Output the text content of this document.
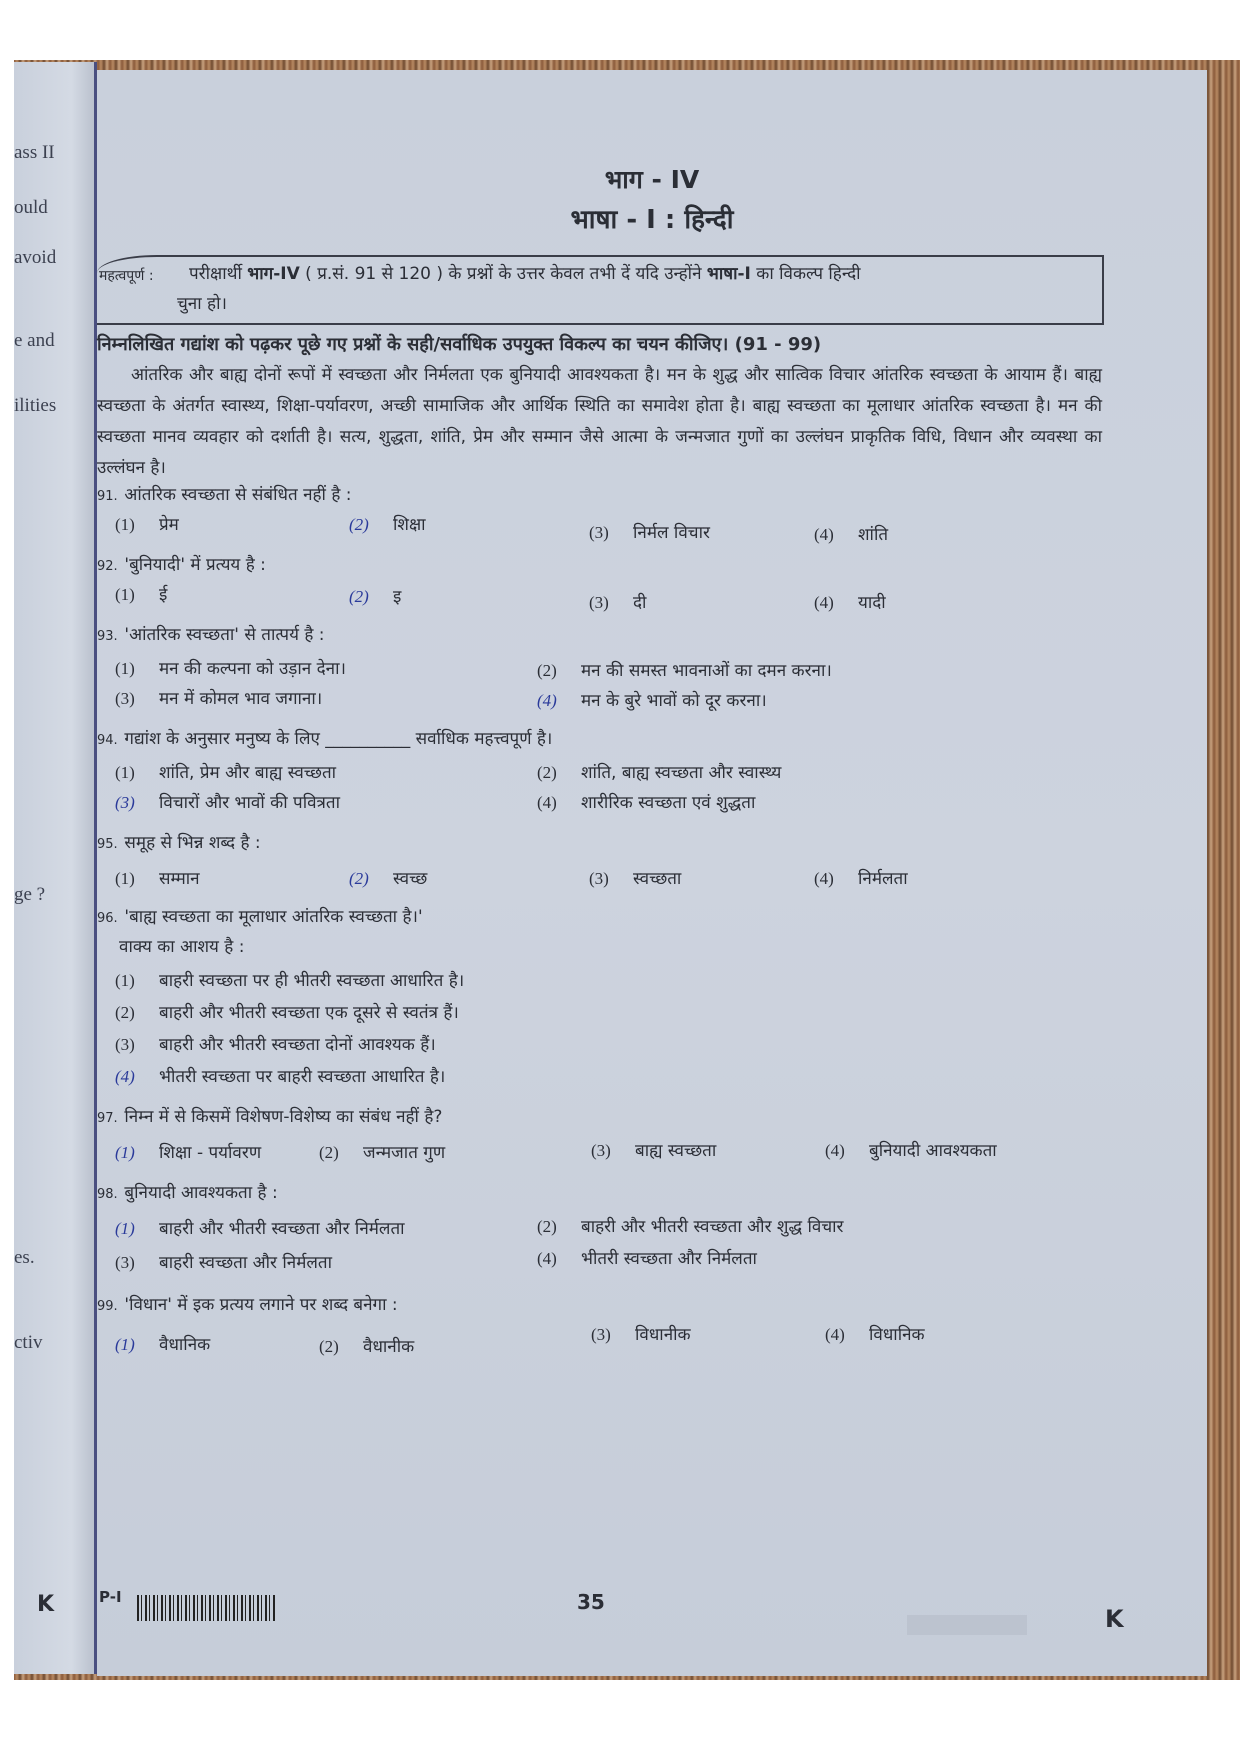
ass II
ould
avoid
e and
ilities
ge ?
es.
ctiv
भाग - IV
भाषा - I : हिन्दी
महत्वपूर्ण : परीक्षार्थी भाग-IV ( प्र.सं. 91 से 120 ) के प्रश्नों के उत्तर केवल तभी दें यदि उन्होंने भाषा-I का विकल्प हिन्दी
चुना हो।
निम्नलिखित गद्यांश को पढ़कर पूछे गए प्रश्नों के सही/सर्वाधिक उपयुक्त विकल्प का चयन कीजिए। (91 - 99)

आंतरिक और बाह्य दोनों रूपों में स्वच्छता और निर्मलता एक बुनियादी आवश्यकता है। मन के शुद्ध और सात्विक विचार आंतरिक स्वच्छता के आयाम हैं। बाह्य स्वच्छता के अंतर्गत स्वास्थ्य, शिक्षा-पर्यावरण, अच्छी सामाजिक और आर्थिक स्थिति का समावेश होता है। बाह्य स्वच्छता का मूलाधार आंतरिक स्वच्छता है। मन की स्वच्छता मानव व्यवहार को दर्शाती है। सत्य, शुद्धता, शांति, प्रेम और सम्मान जैसे आत्मा के जन्मजात गुणों का उल्लंघन प्राकृतिक विधि, विधान और व्यवस्था का उल्लंघन है।

91. आंतरिक स्वच्छता से संबंधित नहीं है :
(1) प्रेम	(2) शिक्षा	(3) निर्मल विचार	(4) शांति
92. 'बुनियादी' में प्रत्यय है :
(1) ई	(2) इ	(3) दी	(4) यादी
93. 'आंतरिक स्वच्छता' से तात्पर्य है :
(1) मन की कल्पना को उड़ान देना।	(2) मन की समस्त भावनाओं का दमन करना।
(3) मन में कोमल भाव जगाना।	(4) मन के बुरे भावों को दूर करना।
94. गद्यांश के अनुसार मनुष्य के लिए __________ सर्वाधिक महत्त्वपूर्ण है।
(1) शांति, प्रेम और बाह्य स्वच्छता	(2) शांति, बाह्य स्वच्छता और स्वास्थ्य
(3) विचारों और भावों की पवित्रता	(4) शारीरिक स्वच्छता एवं शुद्धता
95. समूह से भिन्न शब्द है :
(1) सम्मान	(2) स्वच्छ	(3) स्वच्छता	(4) निर्मलता
96. 'बाह्य स्वच्छता का मूलाधार आंतरिक स्वच्छता है।'
वाक्य का आशय है :
(1) बाहरी स्वच्छता पर ही भीतरी स्वच्छता आधारित है।
(2) बाहरी और भीतरी स्वच्छता एक दूसरे से स्वतंत्र हैं।
(3) बाहरी और भीतरी स्वच्छता दोनों आवश्यक हैं।
(4) भीतरी स्वच्छता पर बाहरी स्वच्छता आधारित है।
97. निम्न में से किसमें विशेषण-विशेष्य का संबंध नहीं है?
(1) शिक्षा - पर्यावरण	(2) जन्मजात गुण	(3) बाह्य स्वच्छता	(4) बुनियादी आवश्यकता
98. बुनियादी आवश्यकता है :
(1) बाहरी और भीतरी स्वच्छता और निर्मलता	(2) बाहरी और भीतरी स्वच्छता और शुद्ध विचार
(3) बाहरी स्वच्छता और निर्मलता	(4) भीतरी स्वच्छता और निर्मलता
99. 'विधान' में इक प्रत्यय लगाने पर शब्द बनेगा :
(1) वैधानिक	(2) वैधानीक
(3) विधानीक	(4) विधानिक
K	P-I	35
K
